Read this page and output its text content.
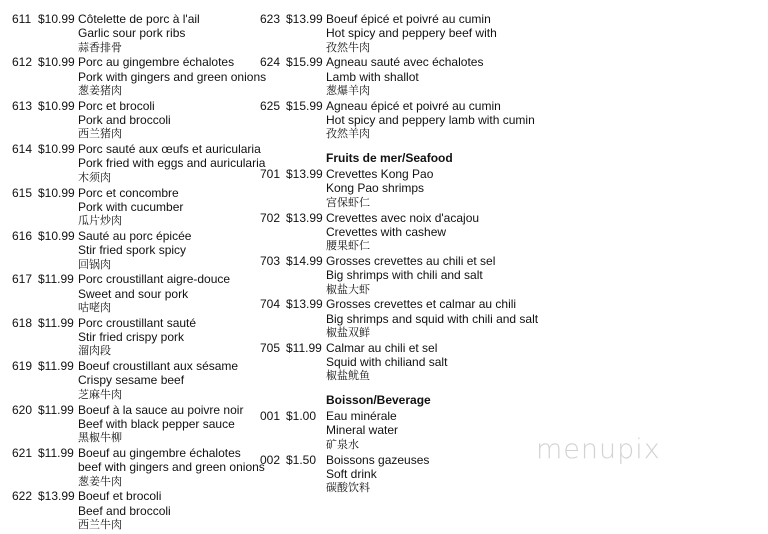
611 $10.99 Côtelette de porc à l'ail
Garlic sour pork ribs
蒜香排骨
612 $10.99 Porc au gingembre échalotes
Pork with gingers and green onions
葱姜猪肉
613 $10.99 Porc et brocoli
Pork and broccoli
西兰猪肉
614 $10.99 Porc sauté aux œufs et auricularia
Pork fried with eggs and auricularia
木须肉
615 $10.99 Porc et concombre
Pork with cucumber
瓜片炒肉
616 $10.99 Sauté au porc épicée
Stir fried spork spicy
回锅肉
617 $11.99 Porc croustillant aigre-douce
Sweet and sour pork
咕咾肉
618 $11.99 Porc croustillant sauté
Stir fried crispy pork
溜肉段
619 $11.99 Boeuf croustillant aux sésame
Crispy sesame beef
芝麻牛肉
620 $11.99 Boeuf à la sauce au poivre noir
Beef with black pepper sauce
黑椒牛柳
621 $11.99 Boeuf au gingembre échalotes
beef with gingers and green onions
葱姜牛肉
622 $13.99 Boeuf et brocoli
Beef and broccoli
西兰牛肉
623 $13.99 Boeuf épicé et poivré au cumin
Hot spicy and peppery beef with
孜然牛肉
624 $15.99 Agneau sauté avec échalotes
Lamb with shallot
葱爆羊肉
625 $15.99 Agneau épicé et poivré au cumin
Hot spicy and peppery lamb with cumin
孜然羊肉
Fruits de mer/Seafood
701 $13.99 Crevettes Kong Pao
Kong Pao shrimps
宫保虾仁
702 $13.99 Crevettes avec noix d'acajou
Crevettes with cashew
腰果虾仁
703 $14.99 Grosses crevettes au chili et sel
Big shrimps with chili and salt
椒盐大虾
704 $13.99 Grosses crevettes et calmar au chili
Big shrimps and squid with chili and salt
椒盐双鲜
705 $11.99 Calmar au chili et sel
Squid with chiliand salt
椒盐鱿鱼
Boisson/Beverage
001 $1.00 Eau minérale
Mineral water
矿泉水
002 $1.50 Boissons gazeuses
Soft drink
碳酸饮料
menupix
